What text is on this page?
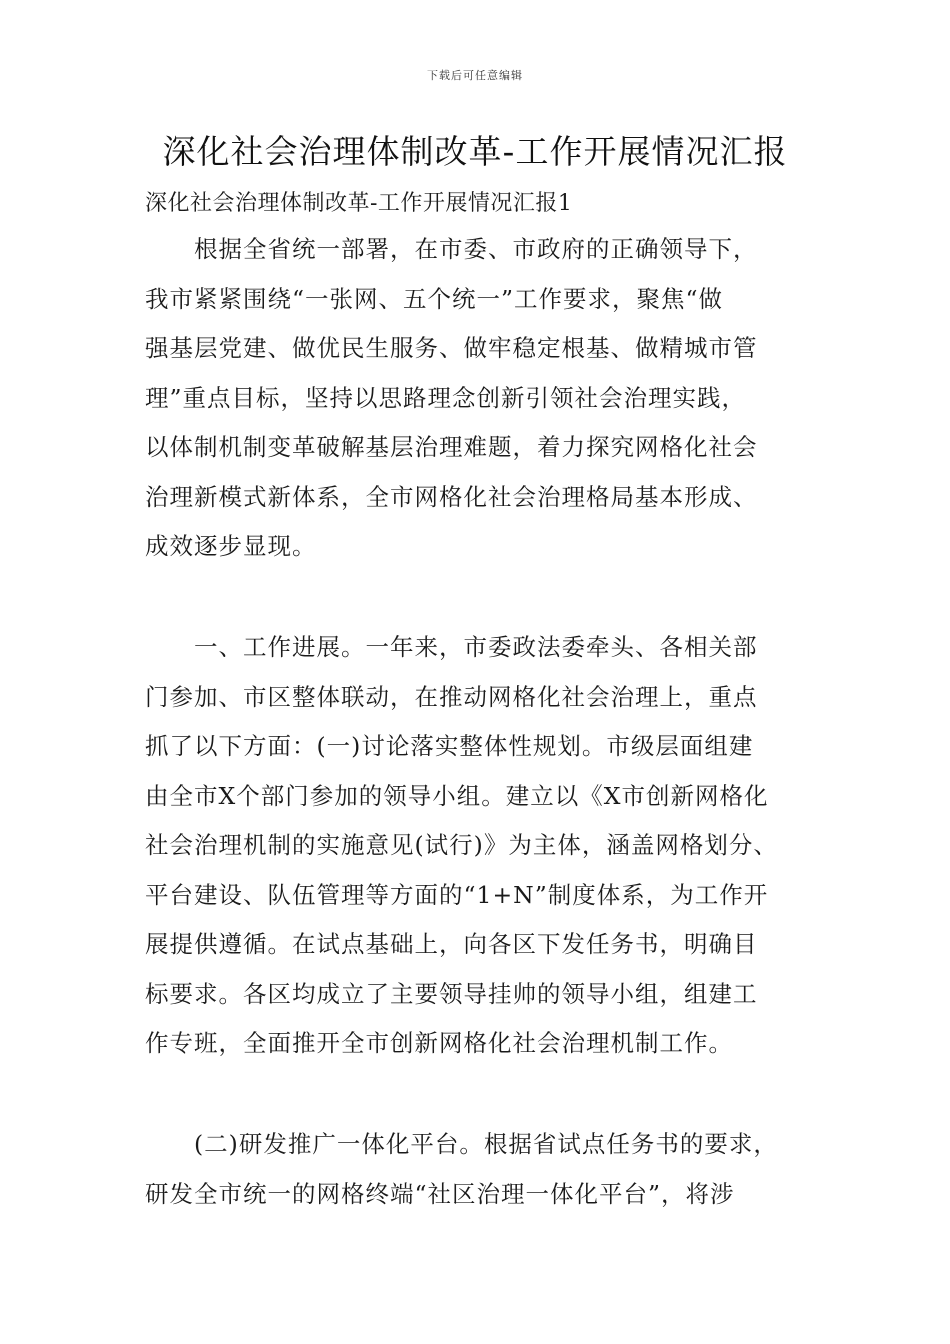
下载后可任意编辑
深化社会治理体制改革-工作开展情况汇报
深化社会治理体制改革-工作开展情况汇报1
　　根据全省统一部署，在市委、市政府的正确领导下，
我市紧紧围绕“一张网、五个统一”工作要求，聚焦“做
强基层党建、做优民生服务、做牢稳定根基、做精城市管
理”重点目标，坚持以思路理念创新引领社会治理实践，
以体制机制变革破解基层治理难题，着力探究网格化社会
治理新模式新体系，全市网格化社会治理格局基本形成、
成效逐步显现。
　　一、工作进展。一年来，市委政法委牵头、各相关部
门参加、市区整体联动，在推动网格化社会治理上，重点
抓了以下方面：(一)讨论落实整体性规划。市级层面组建
由全市X个部门参加的领导小组。建立以《X市创新网格化
社会治理机制的实施意见(试行)》为主体，涵盖网格划分、
平台建设、队伍管理等方面的“1+N”制度体系，为工作开
展提供遵循。在试点基础上，向各区下发任务书，明确目
标要求。各区均成立了主要领导挂帅的领导小组，组建工
作专班，全面推开全市创新网格化社会治理机制工作。
　　(二)研发推广一体化平台。根据省试点任务书的要求，
研发全市统一的网格终端“社区治理一体化平台”，将涉
